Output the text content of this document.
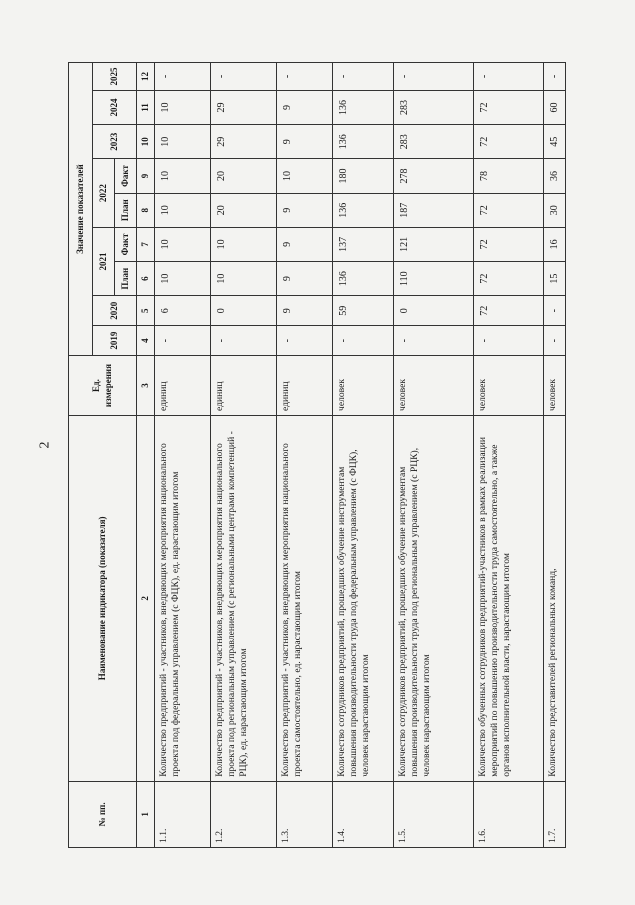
2
№ пп.	Наименование индикатора (показателя)	Ед. измерения	Значение показателей								
			2019	2020	2021		2022		2023	2024	2025
					План	Факт	План	Факт			
1	2	3	4	5	6	7	8	9	10	11	12
1.1.	Количество предприятий - участников, внедряющих мероприятия национального проекта под федеральным управлением (с ФЦК), ед. нарастающим итогом	единиц	-	6	10	10	10	10	10	10	-
1.2.	Количество предприятий - участников, внедряющих мероприятия национального проекта под региональным управлением (с региональными центрами компетенций - РЦК), ед. нарастающим итогом	единиц	-	0	10	10	20	20	29	29	-
1.3.	Количество предприятий - участников, внедряющих мероприятия национального проекта самостоятельно, ед. нарастающим итогом	единиц	-	9	9	9	9	10	9	9	-
1.4.	Количество сотрудников предприятий, прошедших обучение инструментам повышения производительности труда под федеральным управлением (с ФЦК), человек нарастающим итогом	человек	-	59	136	137	136	180	136	136	-
1.5.	Количество сотрудников предприятий, прошедших обучение инструментам повышения производительности труда под региональным управлением (с РЦК), человек нарастающим итогом	человек	-	0	110	121	187	278	283	283	-
1.6.	Количество обученных сотрудников предприятий-участников в рамках реализации мероприятий по повышению производительности труда самостоятельно, а также органов исполнительной власти, нарастающим итогом	человек	-	72	72	72	72	78	72	72	-
1.7.	Количество представителей региональных команд,	человек	-	-	15	16	30	36	45	60	-
